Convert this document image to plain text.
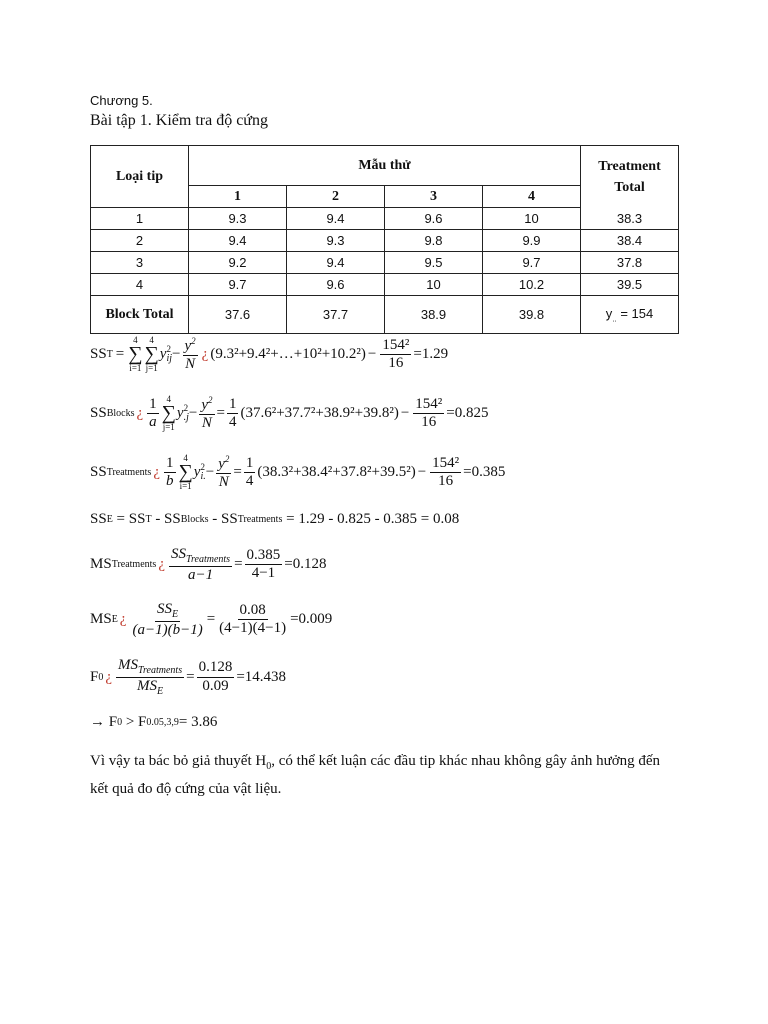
Chương 5.
Bài tập 1. Kiểm tra độ cứng
Loại tip	Mẫu thử				Treatment
Total
	1	2	3	4	
1	9.3	9.4	9.6	10	38.3
2	9.4	9.3	9.8	9.9	38.4
3	9.2	9.4	9.5	9.7	37.8
4	9.7	9.6	10	10.2	39.5
Block Total	37.6	37.7	38.9	39.8	$y_{..} = 154$
SS T =
4
∑
i=1
4
∑
j=1
y 2
ij − $\frac{y^2}{N}$ ¿ (9.3²+9.4²+…+10²+10.2²) − $\frac{\text{154²}}{16} =1.29$
SS Blocks ¿ $\frac{1}{a} 4$
∑
j=1
y 2
$.j - \frac{y^2}{N} = \frac{1}{4} (37.6^2+37.7^2+38.9^2+39.8^2) - \frac{\text{154²}}{16} =0.825$
SS Treatments ¿ $\frac{1}{b} 4$
∑
i=1
y 2
i. − $\frac{y^2}{N} = \frac{1}{4} (38.3^2+38.4^2+37.8^2+39.5^2) - \frac{\text{154²}}{16} =0.385$
SS E = SS T - SS Blocks - SS Treatments = 1.29 - 0.825 - 0.385 = 0.08
MS Treatments ¿ $\frac{SS_{Treatments}}{a-1} = \frac{0.385}{4-1} =0.128$
MS E ¿ $\frac{SS_E}{(a-1)(b-1)} = \frac{0.08}{(4-1)(4-1)} =0.009$
F 0 ¿ $\frac{MS_{Treatments}}{MS_E} = \frac{0.128}{0.09} =14.438$
→ F 0 > F 0.05,3,9 = 3.86
Vì vậy ta bác bỏ giả thuyết $H_0$, có thể kết luận các đầu tip khác nhau không gây ảnh hưởng đến kết quả đo độ cứng của vật liệu.
